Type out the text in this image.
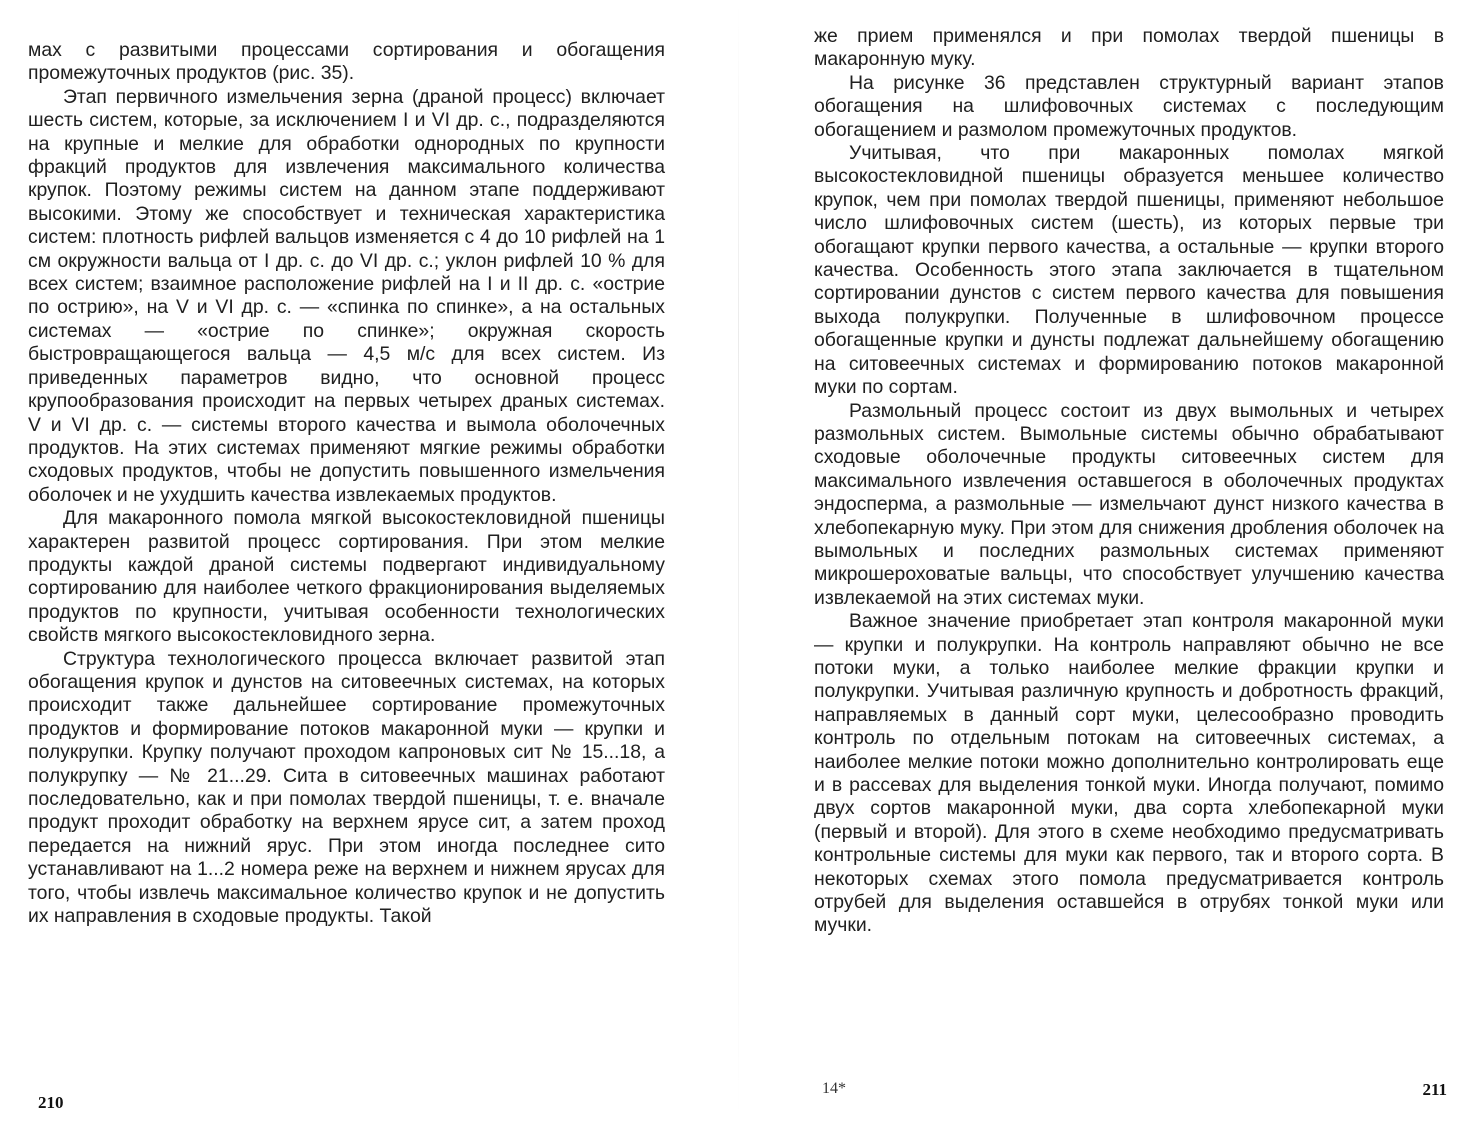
мах с развитыми процессами сортирования и обогащения промежуточных продуктов (рис. 35).

Этап первичного измельчения зерна (драной процесс) включает шесть систем, которые, за исключением I и VI др. с., подразделяются на крупные и мелкие для обработки однородных по крупности фракций продуктов для извлечения максимального количества крупок. Поэтому режимы систем на данном этапе поддерживают высокими. Этому же способствует и техническая характеристика систем: плотность рифлей вальцов изменяется с 4 до 10 рифлей на 1 см окружности вальца от I др. с. до VI др. с.; уклон рифлей 10 % для всех систем; взаимное расположение рифлей на I и II др. с. «острие по острию», на V и VI др. с. — «спинка по спинке», а на остальных системах — «острие по спинке»; окружная скорость быстровращающегося вальца — 4,5 м/с для всех систем. Из приведенных параметров видно, что основной процесс крупообразования происходит на первых четырех драных системах. V и VI др. с. — системы второго качества и вымола оболочечных продуктов. На этих системах применяют мягкие режимы обработки сходовых продуктов, чтобы не допустить повышенного измельчения оболочек и не ухудшить качества извлекаемых продуктов.

Для макаронного помола мягкой высокостекловидной пшеницы характерен развитой процесс сортирования. При этом мелкие продукты каждой драной системы подвергают индивидуальному сортированию для наиболее четкого фракционирования выделяемых продуктов по крупности, учитывая особенности технологических свойств мягкого высокостекловидного зерна.

Структура технологического процесса включает развитой этап обогащения крупок и дунстов на ситовеечных системах, на которых происходит также дальнейшее сортирование промежуточных продуктов и формирование потоков макаронной муки — крупки и полукрупки. Крупку получают проходом капроновых сит № 15...18, а полукрупку — № 21...29. Сита в ситовеечных машинах работают последовательно, как и при помолах твердой пшеницы, т. е. вначале продукт проходит обработку на верхнем ярусе сит, а затем проход передается на нижний ярус. При этом иногда последнее сито устанавливают на 1...2 номера реже на верхнем и нижнем ярусах для того, чтобы извлечь максимальное количество крупок и не допустить их направления в сходовые продукты. Такой

210

же прием применялся и при помолах твердой пшеницы в макаронную муку.

На рисунке 36 представлен структурный вариант этапов обогащения на шлифовочных системах с последующим обогащением и размолом промежуточных продуктов.

Учитывая, что при макаронных помолах мягкой высокостекловидной пшеницы образуется меньшее количество крупок, чем при помолах твердой пшеницы, применяют небольшое число шлифовочных систем (шесть), из которых первые три обогащают крупки первого качества, а остальные — крупки второго качества. Особенность этого этапа заключается в тщательном сортировании дунстов с систем первого качества для повышения выхода полукрупки. Полученные в шлифовочном процессе обогащенные крупки и дунсты подлежат дальнейшему обогащению на ситовеечных системах и формированию потоков макаронной муки по сортам.

Размольный процесс состоит из двух вымольных и четырех размольных систем. Вымольные системы обычно обрабатывают сходовые оболочечные продукты ситовеечных систем для максимального извлечения оставшегося в оболочечных продуктах эндосперма, а размольные — измельчают дунст низкого качества в хлебопекарную муку. При этом для снижения дробления оболочек на вымольных и последних размольных системах применяют микрошероховатые вальцы, что способствует улучшению качества извлекаемой на этих системах муки.

Важное значение приобретает этап контроля макаронной муки — крупки и полукрупки. На контроль направляют обычно не все потоки муки, а только наиболее мелкие фракции крупки и полукрупки. Учитывая различную крупность и добротность фракций, направляемых в данный сорт муки, целесообразно проводить контроль по отдельным потокам на ситовеечных системах, а наиболее мелкие потоки можно дополнительно контролировать еще и в рассевах для выделения тонкой муки. Иногда получают, помимо двух сортов макаронной муки, два сорта хлебопекарной муки (первый и второй). Для этого в схеме необходимо предусматривать контрольные системы для муки как первого, так и второго сорта. В некоторых схемах этого помола предусматривается контроль отрубей для выделения оставшейся в отрубях тонкой муки или мучки.

14*	211
